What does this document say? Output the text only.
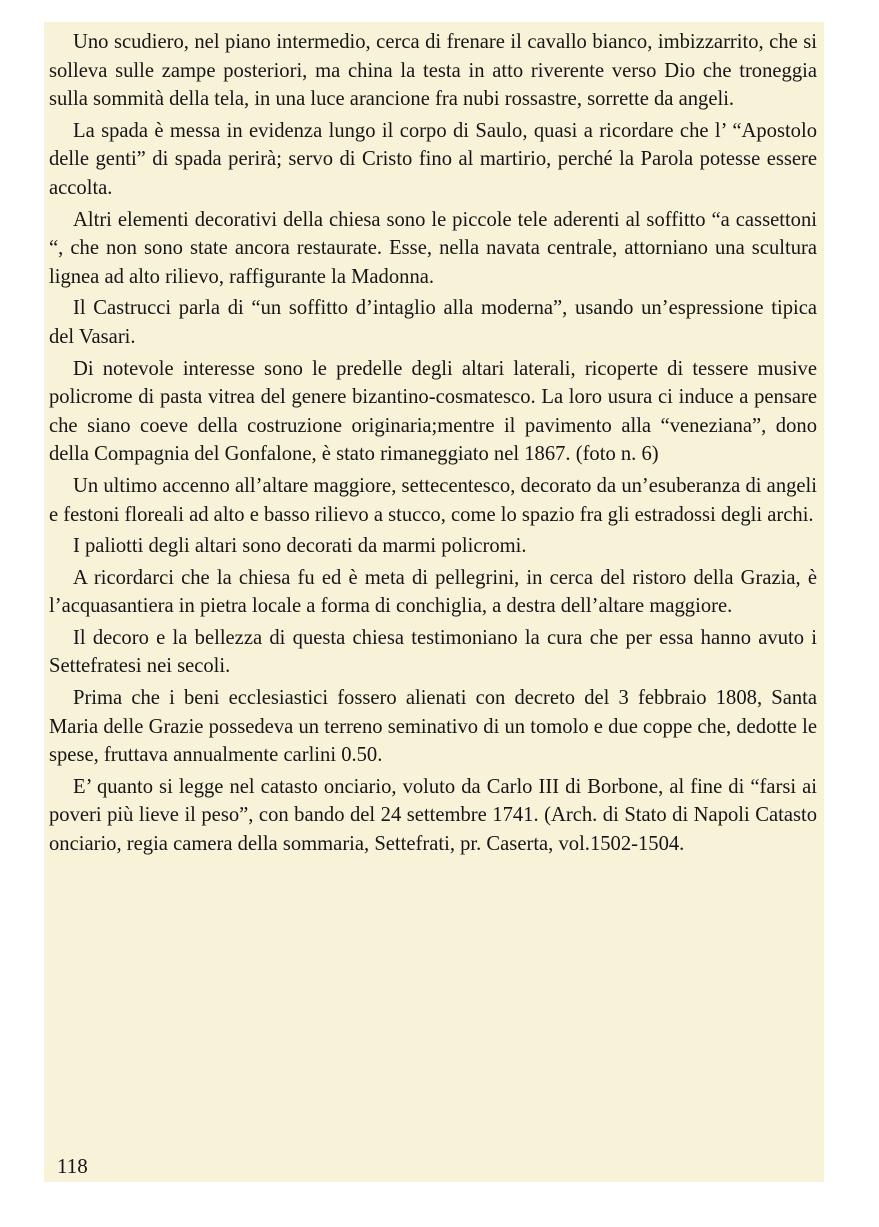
Uno scudiero, nel piano intermedio, cerca di frenare il cavallo bianco, imbizzarrito, che si solleva sulle zampe posteriori, ma china la testa in atto riverente verso Dio che troneggia sulla sommità della tela, in una luce arancione fra nubi rossastre, sorrette da angeli.

La spada è messa in evidenza lungo il corpo di Saulo, quasi a ricordare che l’ “Apostolo delle genti” di spada perirà; servo di Cristo fino al martirio, perché la Parola potesse essere accolta.

Altri elementi decorativi della chiesa sono le piccole tele aderenti al soffitto “a cassettoni “, che non sono state ancora restaurate. Esse, nella navata centrale, attorniano una scultura lignea ad alto rilievo, raffigurante la Madonna.

Il Castrucci parla di “un soffitto d’intaglio alla moderna”, usando un’espressione tipica del Vasari.

Di notevole interesse sono le predelle degli altari laterali, ricoperte di tessere musive policrome di pasta vitrea del genere bizantino-cosmatesco. La loro usura ci induce a pensare che siano coeve della costruzione originaria;mentre il pavimento alla “veneziana”, dono della Compagnia del Gonfalone, è stato rimaneggiato nel 1867. (foto n. 6)

Un ultimo accenno all’altare maggiore, settecentesco, decorato da un’esuberanza di angeli e festoni floreali ad alto e basso rilievo a stucco, come lo spazio fra gli estradossi degli archi.

I paliotti degli altari sono decorati da marmi policromi.

A ricordarci che la chiesa fu ed è meta di pellegrini, in cerca del ristoro della Grazia, è l’acquasantiera in pietra locale a forma di conchiglia, a destra dell’altare maggiore.

Il decoro e la bellezza di questa chiesa testimoniano la cura che per essa hanno avuto i Settefratesi nei secoli.

Prima che i beni ecclesiastici fossero alienati con decreto del 3 febbraio 1808, Santa Maria delle Grazie possedeva un terreno seminativo di un tomolo e due coppe che, dedotte le spese, fruttava annualmente carlini 0.50.

E’ quanto si legge nel catasto onciario, voluto da Carlo III di Borbone, al fine di “farsi ai poveri più lieve il peso”, con bando del 24 settembre 1741. (Arch. di Stato di Napoli Catasto onciario, regia camera della sommaria, Settefrati, pr. Caserta, vol.1502-1504.

118
